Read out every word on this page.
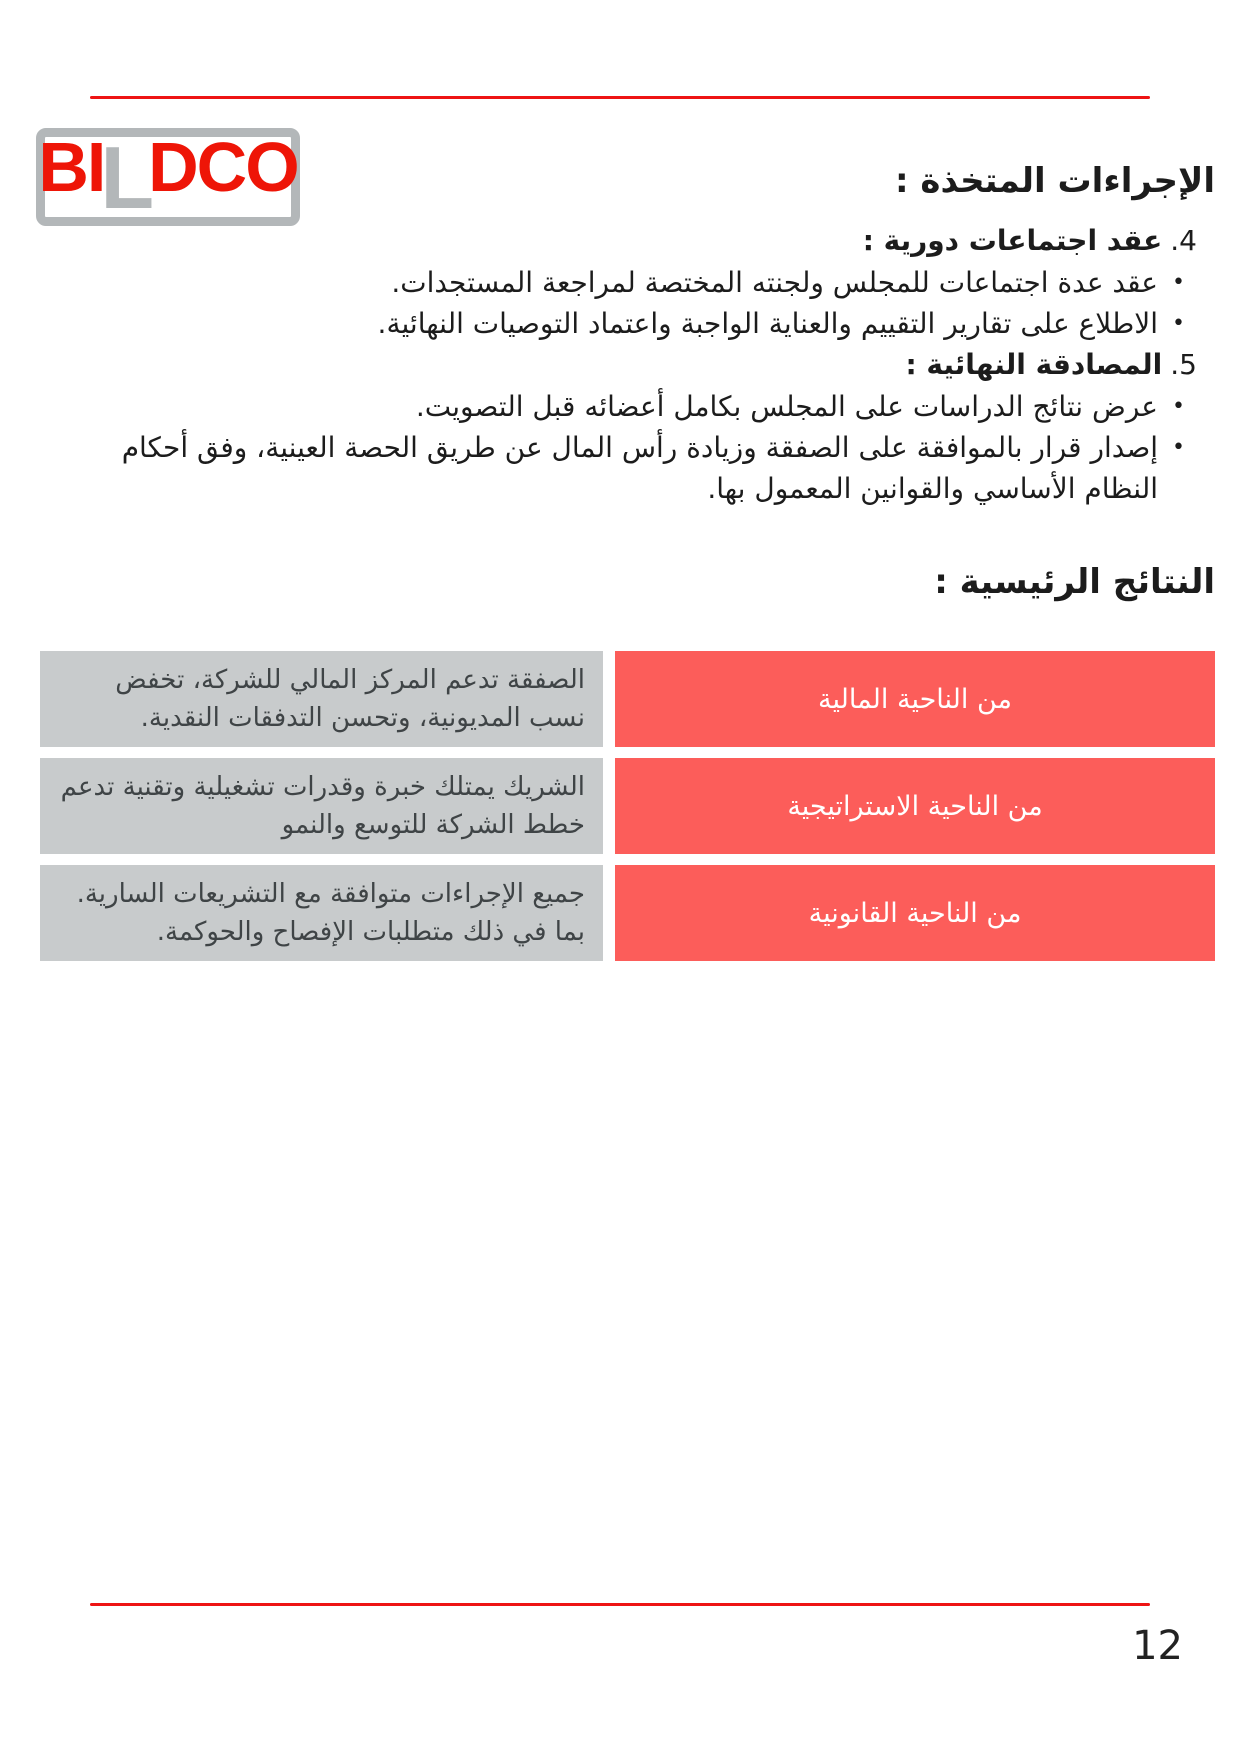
BI
L
DCO	الإجراءات المتخذة :
4.
عقد اجتماعات دورية :
•
عقد عدة اجتماعات للمجلس ولجنته المختصة لمراجعة المستجدات.
•
الاطلاع على تقارير التقييم والعناية الواجبة واعتماد التوصيات النهائية.
5.
المصادقة النهائية :
•
عرض نتائج الدراسات على المجلس بكامل أعضائه قبل التصويت.
•
إصدار قرار بالموافقة على الصفقة وزيادة رأس المال عن طريق الحصة العينية، وفق أحكام النظام الأساسي والقوانين المعمول بها.
النتائج الرئيسية :
من الناحية المالية
الصفقة تدعم المركز المالي للشركة، تخفض نسب المديونية، وتحسن التدفقات النقدية.
من الناحية الاستراتيجية
الشريك يمتلك خبرة وقدرات تشغيلية وتقنية تدعم خطط الشركة للتوسع والنمو
من الناحية القانونية
جميع الإجراءات متوافقة مع التشريعات السارية. بما في ذلك متطلبات الإفصاح والحوكمة.
12
